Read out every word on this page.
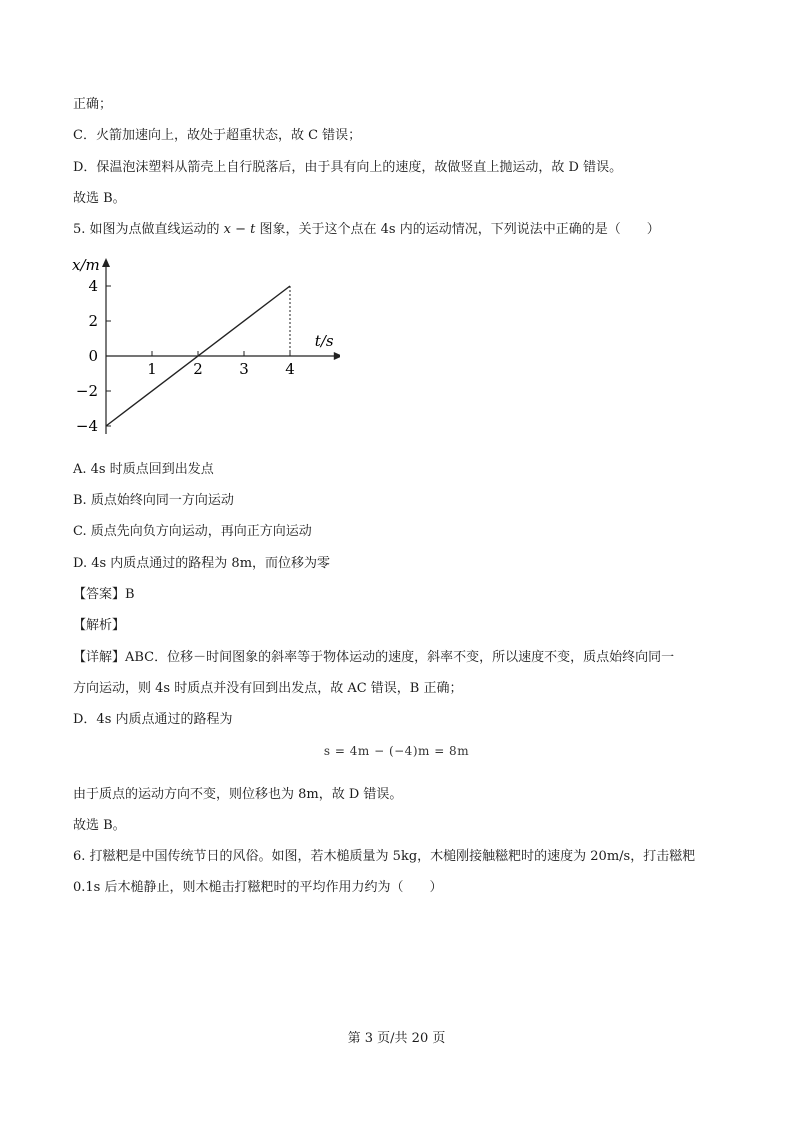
正确；
C．火箭加速向上，故处于超重状态，故 C 错误；
D．保温泡沫塑料从箭壳上自行脱落后，由于具有向上的速度，故做竖直上抛运动，故 D 错误。
故选 B。
5. 如图为点做直线运动的 x − t 图象，关于这个点在 4s 内的运动情况，下列说法中正确的是（　　）
1 2 3 4
4
2
0
−2
−4
x/m
t/s
A. 4s 时质点回到出发点
B. 质点始终向同一方向运动
C. 质点先向负方向运动，再向正方向运动
D. 4s 内质点通过的路程为 8m，而位移为零
【答案】B
【解析】
【详解】ABC．位移－时间图象的斜率等于物体运动的速度，斜率不变，所以速度不变，质点始终向同一
方向运动，则 4s 时质点并没有回到出发点，故 AC 错误，B 正确；
D．4s 内质点通过的路程为
s = 4m − (−4)m = 8m
由于质点的运动方向不变，则位移也为 8m，故 D 错误。
故选 B。
6. 打糍粑是中国传统节日的风俗。如图，若木槌质量为 5kg，木槌刚接触糍粑时的速度为 20m/s，打击糍粑
0.1s 后木槌静止，则木槌击打糍粑时的平均作用力约为（　　）
第 3 页/共 20 页
